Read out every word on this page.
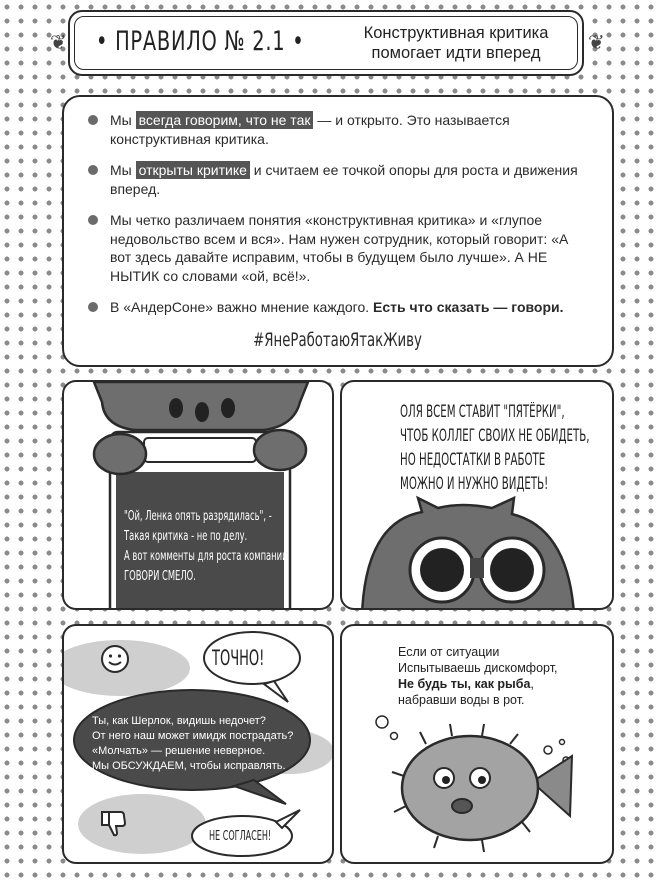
❦	❦
• ПРАВИЛО № 2.1 •	Конструктивная критика
помогает идти вперед
Мы всегда говорим, что не так — и открыто. Это называется конструктивная критика.
Мы открыты критике и считаем ее точкой опоры для роста и движения вперед.
Мы четко различаем понятия «конструктивная критика» и «глупое недовольство всем и вся». Нам нужен сотрудник, который говорит: «А вот здесь давайте исправим, чтобы в будущем было лучше». А НЕ НЫТИК со словами «ой, всё!».
В «АндерСоне» важно мнение каждого. Есть что сказать — говори.
#ЯнеРаботаюЯтакЖиву
"Ой, Ленка опять разрядилась", -
Такая критика - не по делу.
А вот комменты для роста компании
ГОВОРИ СМЕЛО.
ОЛЯ ВСЕМ СТАВИТ "ПЯТЁРКИ",
ЧТОБ КОЛЛЕГ СВОИХ НЕ ОБИДЕТЬ,
НО НЕДОСТАТКИ В РАБОТЕ
МОЖНО И НУЖНО ВИДЕТЬ!
ТОЧНО!
Ты, как Шерлок, видишь недочет?
От него наш может имидж пострадать?
«Молчать» — решение неверное.
Мы ОБСУЖДАЕМ, чтобы исправлять.
НЕ СОГЛАСЕН!
Если от ситуации
Испытываешь дискомфорт,
Не будь ты, как рыба,
набравши воды в рот.
